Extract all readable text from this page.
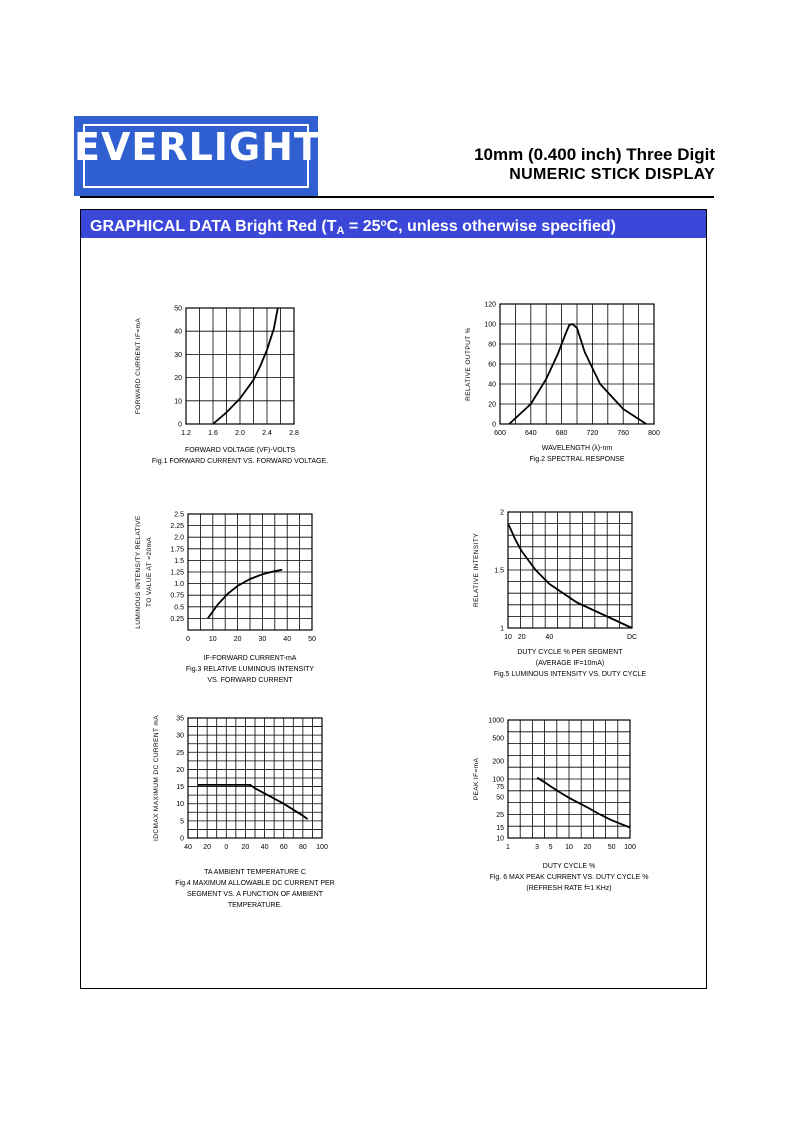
EVERLIGHT	10mm (0.400 inch) Three Digit
NUMERIC STICK DISPLAY
GRAPHICAL DATA Bright Red ($T_A = 25^oC$, unless otherwise specified)
1.2 1.6 2.0 2.4 2.8
0
10
20
30
40
50
FORWARD CURRENT IF=mA
FORWARD VOLTAGE (VF)-VOLTS
Fig.1 FORWARD CURRENT VS. FORWARD VOLTAGE.
600	640	680	720	760	800
0
20
40
60
80
100
120
RELATIVE OUTPUT %
WAVELENGTH (λ)-nm
Fig.2 SPECTRAL RESPONSE
0	10 20 30 40 50
0.25
0.5
0.75
1.0
1.25
1.5
1.75
2.0
2.25
2.5
LUMINOUS INTENSITY RELATIVE TO VALUE AT =20mA
IF-FORWARD CURRENT-mA
Fig.3 RELATIVE LUMINOUS INTENSITY
VS. FORWARD CURRENT
10 20	40	DC
1
1.5
2
RELATIVE INTENSITY
DUTY CYCLE % PER SEGMENT
(AVERAGE IF=10mA)
Fig.5 LUMINOUS INTENSITY VS. DUTY CYCLE
40 20 0 20 40 60 80 100
0
5
10
15
20
25
30
35
IDCMAX MAXIMUM DC CURRENT mA
TA AMBIENT TEMPERATURE C
Fig.4 MAXIMUM ALLOWABLE DC CURRENT PER
SEGMENT VS. A FUNCTION OF AMBIENT
TEMPERATURE.
1	3 5 10 20 50 100
10
15
25
50
75
100
200
500
1000
PEAK IF=mA
DUTY CYCLE %
Fig. 6 MAX PEAK CURRENT VS. DUTY CYCLE %
(REFRESH RATE f=1 KHz)
